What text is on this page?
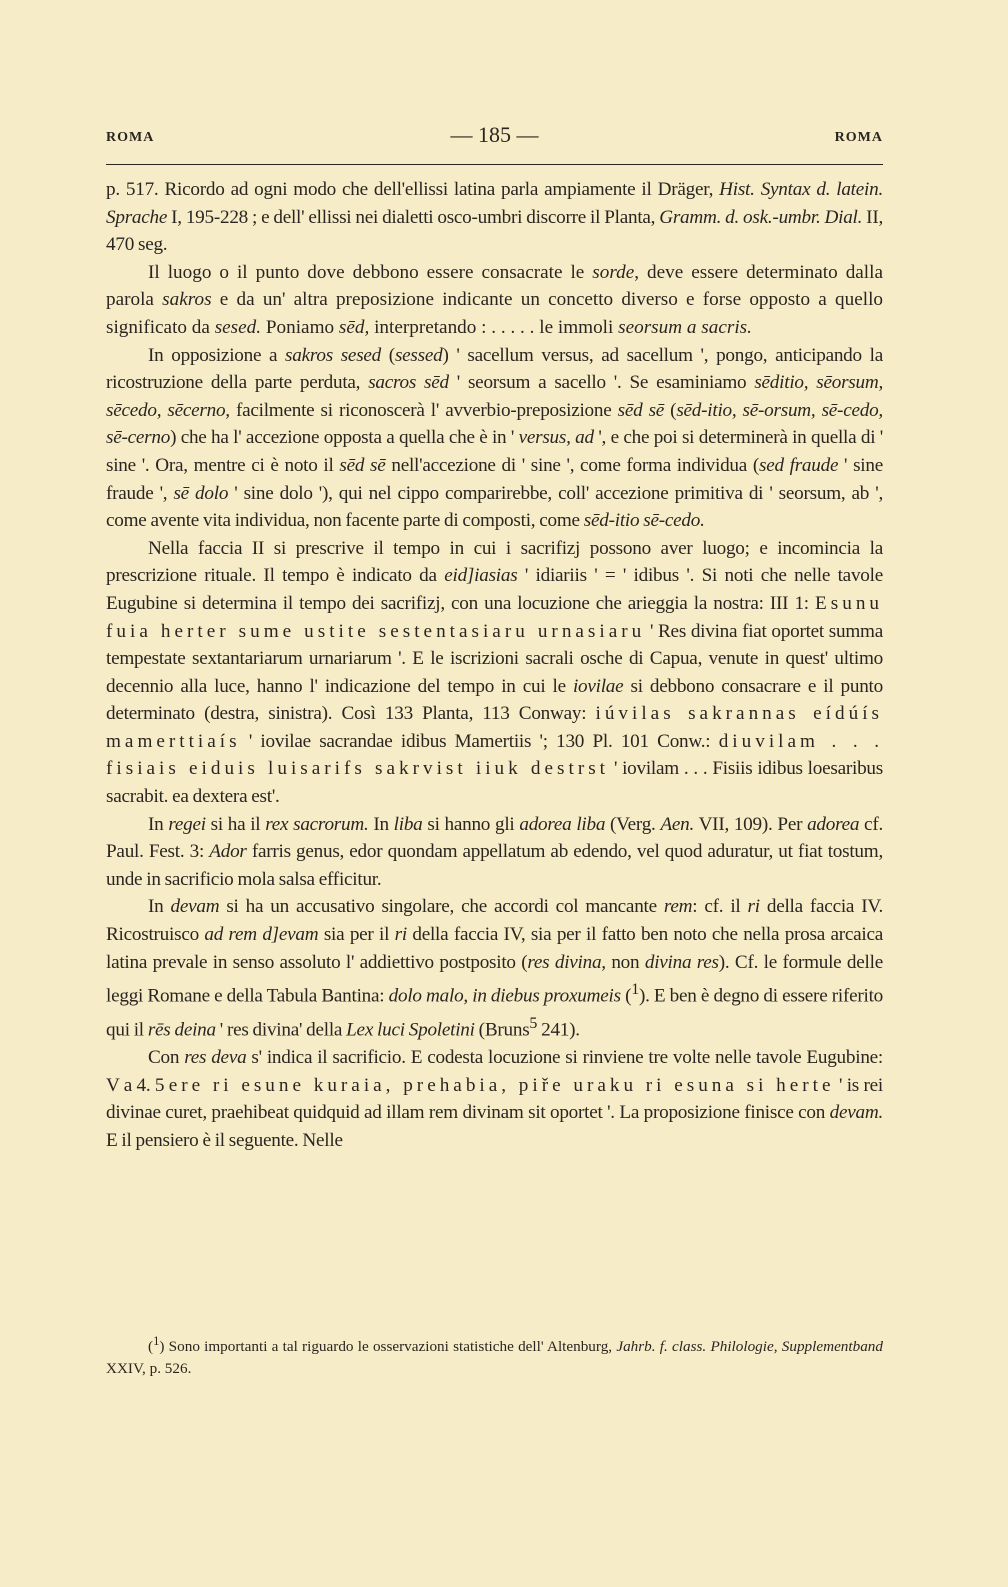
ROMA	— 185 —	ROMA

p. 517. Ricordo ad ogni modo che dell'ellissi latina parla ampiamente il Dräger, Hist. Syntax d. latein. Sprache I, 195-228 ; e dell' ellissi nei dialetti osco-umbri discorre il Planta, Gramm. d. osk.-umbr. Dial. II, 470 seg.

Il luogo o il punto dove debbono essere consacrate le sorde, deve essere determinato dalla parola sakros e da un' altra preposizione indicante un concetto diverso e forse opposto a quello significato da sesed. Poniamo sēd, interpretando : . . . . . le immoli seorsum a sacris.

In opposizione a sakros sesed (sessed) ' sacellum versus, ad sacellum ', pongo, anticipando la ricostruzione della parte perduta, sacros sēd ' seorsum a sacello '. Se esaminiamo sēditio, sēorsum, sēcedo, sēcerno, facilmente si riconoscerà l' avverbio-preposizione sēd sē (sēd-itio, sē-orsum, sē-cedo, sē-cerno) che ha l' accezione opposta a quella che è in ' versus, ad ', e che poi si determinerà in quella di ' sine '. Ora, mentre ci è noto il sēd sē nell'accezione di ' sine ', come forma individua (sed fraude ' sine fraude ', sē dolo ' sine dolo '), qui nel cippo comparirebbe, coll' accezione primitiva di ' seorsum, ab ', come avente vita individua, non facente parte di composti, come sēd-itio sē-cedo.

Nella faccia II si prescrive il tempo in cui i sacrifizj possono aver luogo; e incomincia la prescrizione rituale. Il tempo è indicato da eid]iasias ' idiariis ' = ' idibus '. Si noti che nelle tavole Eugubine si determina il tempo dei sacrifizj, con una locuzione che arieggia la nostra: III 1: Esunu fuia herter sume ustite sestentasiaru urnasiaru ' Res divina fiat oportet summa tempestate sextantariarum urnariarum '. E le iscrizioni sacrali osche di Capua, venute in quest' ultimo decennio alla luce, hanno l' indicazione del tempo in cui le iovilae si debbono consacrare e il punto determinato (destra, sinistra). Così 133 Planta, 113 Conway: iúvilas sakrannas eídúís mamerttiaís ' iovilae sacrandae idibus Mamertiis '; 130 Pl. 101 Conw.: diuvilam . . . fisiais eiduis luisarifs sakrvist iiuk destrst ' iovilam . . . Fisiis idibus loesaribus sacrabit. ea dextera est'.

In regei si ha il rex sacrorum. In liba si hanno gli adorea liba (Verg. Aen. VII, 109). Per adorea cf. Paul. Fest. 3: Ador farris genus, edor quondam appellatum ab edendo, vel quod aduratur, ut fiat tostum, unde in sacrificio mola salsa efficitur.

In devam si ha un accusativo singolare, che accordi col mancante rem: cf. il ri della faccia IV. Ricostruisco ad rem d]evam sia per il ri della faccia IV, sia per il fatto ben noto che nella prosa arcaica latina prevale in senso assoluto l' addiettivo postposito (res divina, non divina res). Cf. le formule delle leggi Romane e della Tabula Bantina: dolo malo, in diebus proxumeis ($^1$). E ben è degno di essere riferito qui il rēs deina ' res divina' della Lex luci Spoletini (Bruns$^5$ 241).

Con res deva s' indica il sacrificio. E codesta locuzione si rinviene tre volte nelle tavole Eugubine: V a 4. 5 ere ri esune kuraia, prehabia, piře uraku ri esuna si herte ' is rei divinae curet, praehibeat quidquid ad illam rem divinam sit oportet '. La proposizione finisce con devam. E il pensiero è il seguente. Nelle

($^1$) Sono importanti a tal riguardo le osservazioni statistiche dell' Altenburg, Jahrb. f. class. Philologie, Supplementband XXIV, p. 526.
